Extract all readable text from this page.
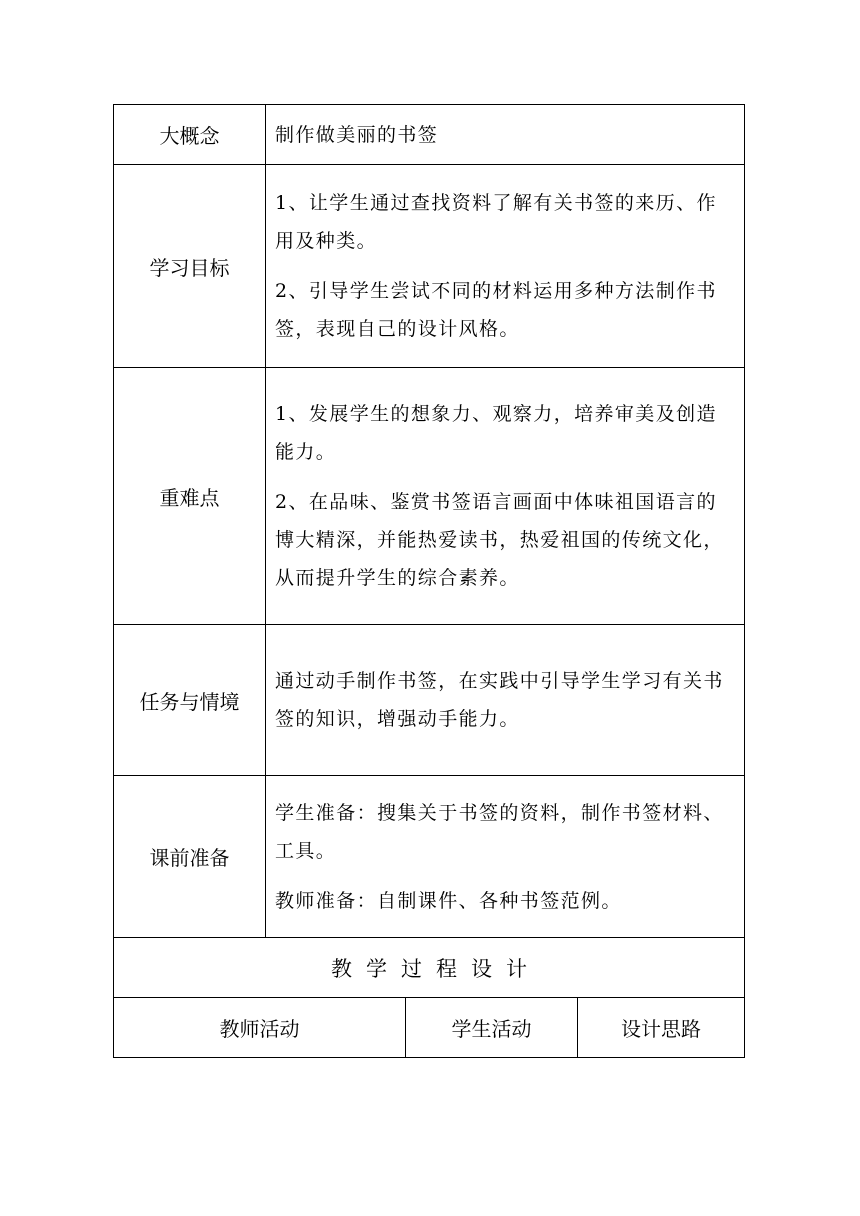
大概念	制作做美丽的书签		

学习目标	1、让学生通过查找资料了解有关书签的来历、作用及种类。

2、引导学生尝试不同的材料运用多种方法制作书签，表现自己的设计风格。		

重难点	1、发展学生的想象力、观察力，培养审美及创造能力。

2、在品味、鉴赏书签语言画面中体味祖国语言的博大精深，并能热爱读书，热爱祖国的传统文化，从而提升学生的综合素养。		

任务与情境	通过动手制作书签，在实践中引导学生学习有关书签的知识，增强动手能力。		

课前准备	学生准备：搜集关于书签的资料，制作书签材料、工具。

教师准备：自制课件、各种书签范例。		

教学过程设计			
教师活动		学生活动	设计思路
